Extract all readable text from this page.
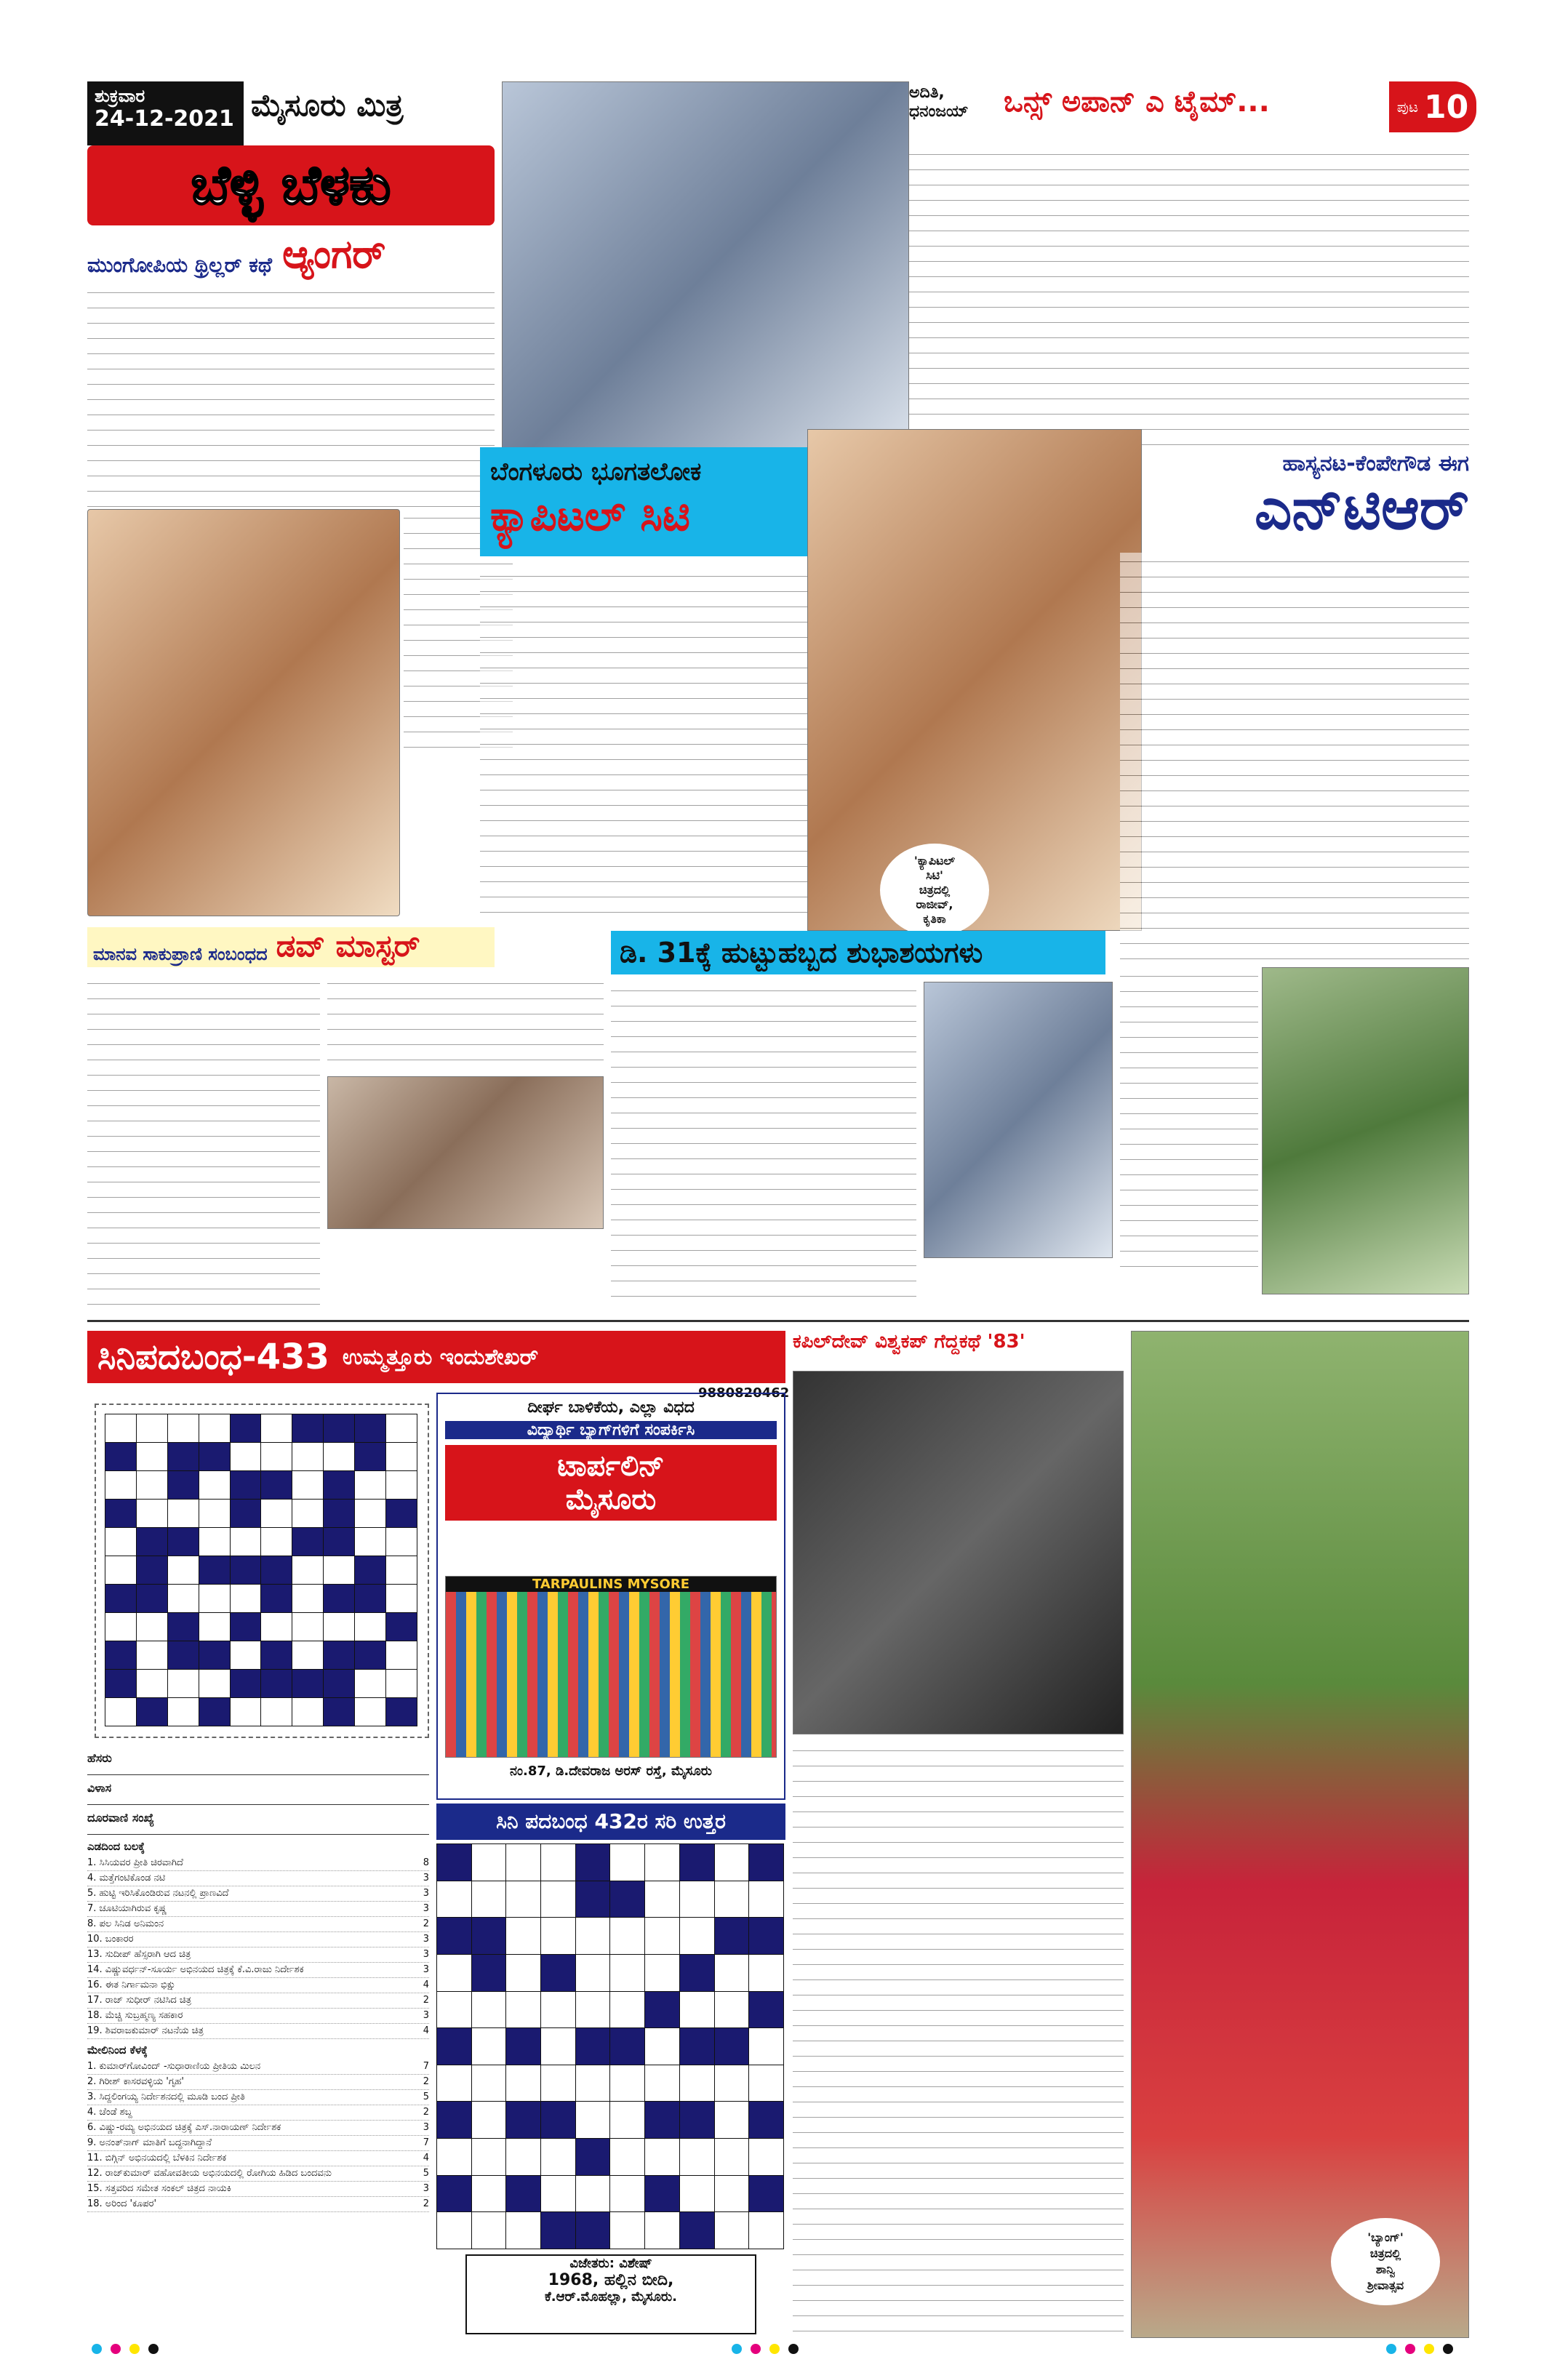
ಶುಕ್ರವಾರ
24-12-2021 ಮೈಸೂರು ಮಿತ್ರ	ಪುಟ 10
ಬೆಳ್ಳಿ ಬೆಳಕು
ಮುಂಗೋಪಿಯ ಥ್ರಿಲ್ಲರ್ ಕಥೆ ಆ್ಯಂಗರ್
ಅದಿತಿ, ಧನಂಜಯ್	ಒನ್ಸ್ ಅಪಾನ್ ಎ ಟೈಮ್...
ಬೆಂಗಳೂರು ಭೂಗತಲೋಕ
ಕ್ಯಾಪಿಟಲ್ ಸಿಟಿ
'ಕ್ಯಾಪಿಟಲ್
ಸಿಟಿ'
ಚಿತ್ರದಲ್ಲಿ
ರಾಜೀವ್,
ಕೃತಿಕಾ
ಹಾಸ್ಯನಟ-ಕೆಂಪೇಗೌಡ ಈಗ
ಎನ್‌ಟಿಆರ್
ಮಾನವ ಸಾಕುಪ್ರಾಣಿ ಸಂಬಂಧದ ಡವ್ ಮಾಸ್ಟರ್	ಡಿ. 31ಕ್ಕೆ ಹುಟ್ಟುಹಬ್ಬದ ಶುಭಾಶಯಗಳು
ಸಿನಿಪದಬಂಧ-433 ಉಮ್ಮತ್ತೂರು ಇಂದುಶೇಖರ್
9880820462

ಹೆಸರು
ವಿಳಾಸ
ದೂರವಾಣಿ ಸಂಖ್ಯೆ
ಎಡದಿಂದ ಬಲಕ್ಕೆ
1. ಸಿಸಿಯವರ ಪ್ರೀತಿ ಚಿರವಾಗಿದೆ	8
4. ಮತ್ತೆಗಂಟಿಕೊಂಡ ನಟಿ	3
5. ಹುಟ್ಟಿ ಇರಿಸಿಕೊಂಡಿರುವ ನಟನಲ್ಲಿ ಪ್ರಾಣವಿದೆ	3
7. ಚೂಟಿಯಾಗಿರುವ ಕೃಷ್ಣ	3
8. ಪಲ ಸಿನಿಡ ಅನಿಮಂನ	2
10. ಬಂಕಾರರ	3
13. ಸುದೀಪ್ ಹೆಸ್ಸರಾಗಿ ಆದ ಚಿತ್ರ	3
14. ವಿಷ್ಣುವರ್ಧನ್-ಸೂರ್ಯ ಅಭಿನಯದ ಚಿತ್ರಕ್ಕೆ ಕೆ.ವಿ.ರಾಜು ನಿರ್ದೇಶಕ	3
16. ಈತ ನಿರ್ಗಾಮನಾ ಭಿಕ್ಷು	4
17. ರಾಜ್ ಸುಧೀರ್ ನಟಿಸಿದ ಚಿತ್ರ	2
18. ಮೆಚ್ಚಿ ಸುಬ್ರಹ್ಮಣ್ಯ ಸಹಕಾರ	3
19. ಶಿವರಾಜಕುಮಾರ್ ನಟನೆಯ ಚಿತ್ರ	4
ಮೇಲಿನಿಂದ ಕೆಳಕ್ಕೆ
1. ಕುಮಾರ್‌ಗೋವಿಂದ್ -ಸುಧಾರಾಣಿಯ ಪ್ರೀತಿಯ ಮಿಲನ	7
2. ಗಿರೀಶ್ ಕಾಸರವಳ್ಳಿಯ 'ಗೃಹ'	2
3. ಸಿದ್ದಲಿಂಗಯ್ಯ ನಿರ್ದೇಶನದಲ್ಲಿ ಮೂಡಿ ಬಂದ ಪ್ರೀತಿ	5
4. ಚೆಂಡೆ ಶಬ್ದ	2
6. ವಿಷ್ಣು-ರಮ್ಯ ಅಭಿನಯದ ಚಿತ್ರಕ್ಕೆ ಎಸ್.ನಾರಾಯಣ್ ನಿರ್ದೇಶಕ	3
9. ಅನಂತ್‌ನಾಗ್ ಮಾತಿಗೆ ಬದ್ಧನಾಗಿದ್ದಾನೆ	7
11. ಬಿಗ್ಗಿನ್ ಅಭಿನಯದಲ್ಲಿ ಬೆಳಕಿನ ನಿರ್ದೇಶಕ	4
12. ರಾಜ್‌ಕುಮಾರ್‌ ವಹೋವತೀಯ ಅಭಿನಯದಲ್ಲಿ ರೋಗಿಯ ಹಿಡಿದ ಬಂದವನು	5
15. ಸತ್ತವರಿದ ಸಮೇತ ಸಂಕಲ್ ಚಿತ್ರದ ನಾಯಕಿ	3
18. ಅರಿಂದ 'ಕೂಪರ'	2
ದೀರ್ಘ ಬಾಳಿಕೆಯ, ಎಲ್ಲಾ ವಿಧದ
ವಿದ್ಯಾರ್ಥಿ ಬ್ಯಾಗ್‌ಗಳಿಗೆ ಸಂಪರ್ಕಿಸಿ
ಟಾರ್ಪಲಿನ್
ಮೈಸೂರು
TARPAULINS MYSORE
ನಂ.87, ಡಿ.ದೇವರಾಜ ಅರಸ್ ರಸ್ತೆ, ಮೈಸೂರು
ಸಿನಿ ಪದಬಂಧ 432ರ ಸರಿ ಉತ್ತರ

ವಿಜೇತರು: ವಿಶೇಷ್
1968, ಹಲ್ಲಿನ ಬೀದಿ,
ಕೆ.ಆರ್.ಮೊಹಲ್ಲಾ, ಮೈಸೂರು.
ಕಪಿಲ್‌ದೇವ್ ವಿಶ್ವಕಪ್ ಗೆದ್ದಕಥೆ '83'
'ಬ್ಯಾಂಗ್'
ಚಿತ್ರದಲ್ಲಿ
ಶಾನ್ವಿ
ಶ್ರೀವಾತ್ಸವ
